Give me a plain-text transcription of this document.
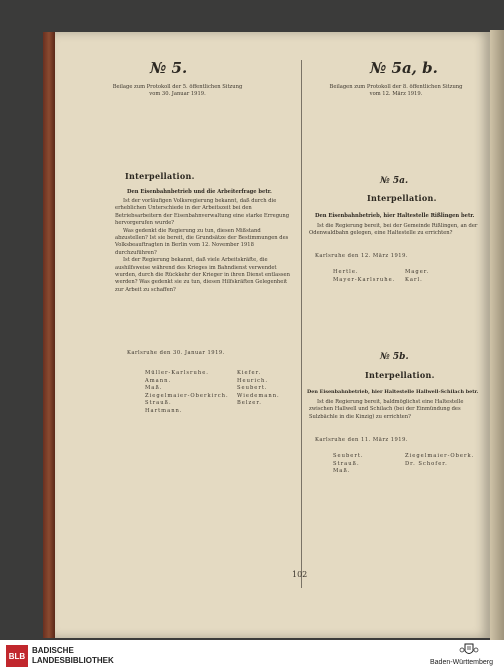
№ 5.
Beilage zum Protokoll der 5. öffentlichen Sitzung
vom 30. Januar 1919.
Interpellation.
Den Eisenbahnbetrieb und die Arbeiterfrage betr.

Ist der vorläufigen Volksregierung bekannt, daß durch die erheblichen Unterschiede in der Arbeitszeit bei den Betriebsarbeitern der Eisenbahnverwaltung eine starke Erregung hervorgerufen wurde?

Was gedenkt die Regierung zu tun, diesen Mißstand abzustellen? Ist sie bereit, die Grundsätze der Bestimmungen des Volksbeauftragten in Berlin vom 12. November 1918 durchzuführen?

Ist der Regierung bekannt, daß viele Arbeitskräfte, die aushilfsweise während des Krieges im Bahndienst verwendet wurden, durch die Rückkehr der Krieger in ihren Dienst entlassen werden? Was gedenkt sie zu tun, diesen Hilfskräften Gelegenheit zur Arbeit zu schaffen?

Karlsruhe den 30. Januar 1919.
Müller-Karlsruhe.
Amann.
Maß.
Ziegelmaier-Oberkirch.
Strauß.
Hartmann.
Kiefer.
Heurich.
Seubert.
Wiedemann.
Belzer.
№ 5a, b.
Beilagen zum Protokoll der 8. öffentlichen Sitzung
vom 12. März 1919.
№ 5a.
Interpellation.
Den Eisenbahnbetrieb, hier Haltestelle Rißlingen betr.

Ist die Regierung bereit, bei der Gemeinde Rißlingen, an der Odenwaldbahn gelegen, eine Haltestelle zu errichten?

Karlsruhe den 12. März 1919.
Hertle.
Mayer-Karlsruhe.
Mager.
Karl.
№ 5b.
Interpellation.
Den Eisenbahnbetrieb, hier Haltestelle Hallwell-Schilach betr.

Ist die Regierung bereit, baldmöglichst eine Haltestelle zwischen Hallwell und Schilach (bei der Einmündung des Sulzbächle in die Kinzig) zu errichten?

Karlsruhe den 11. März 1919.
Seubert.
Strauß.
Maß.
Ziegelmaier-Oberk.
Dr. Schofer.
102
BLB
BADISCHE
LANDESBIBLIOTHEK	Baden-Württemberg
